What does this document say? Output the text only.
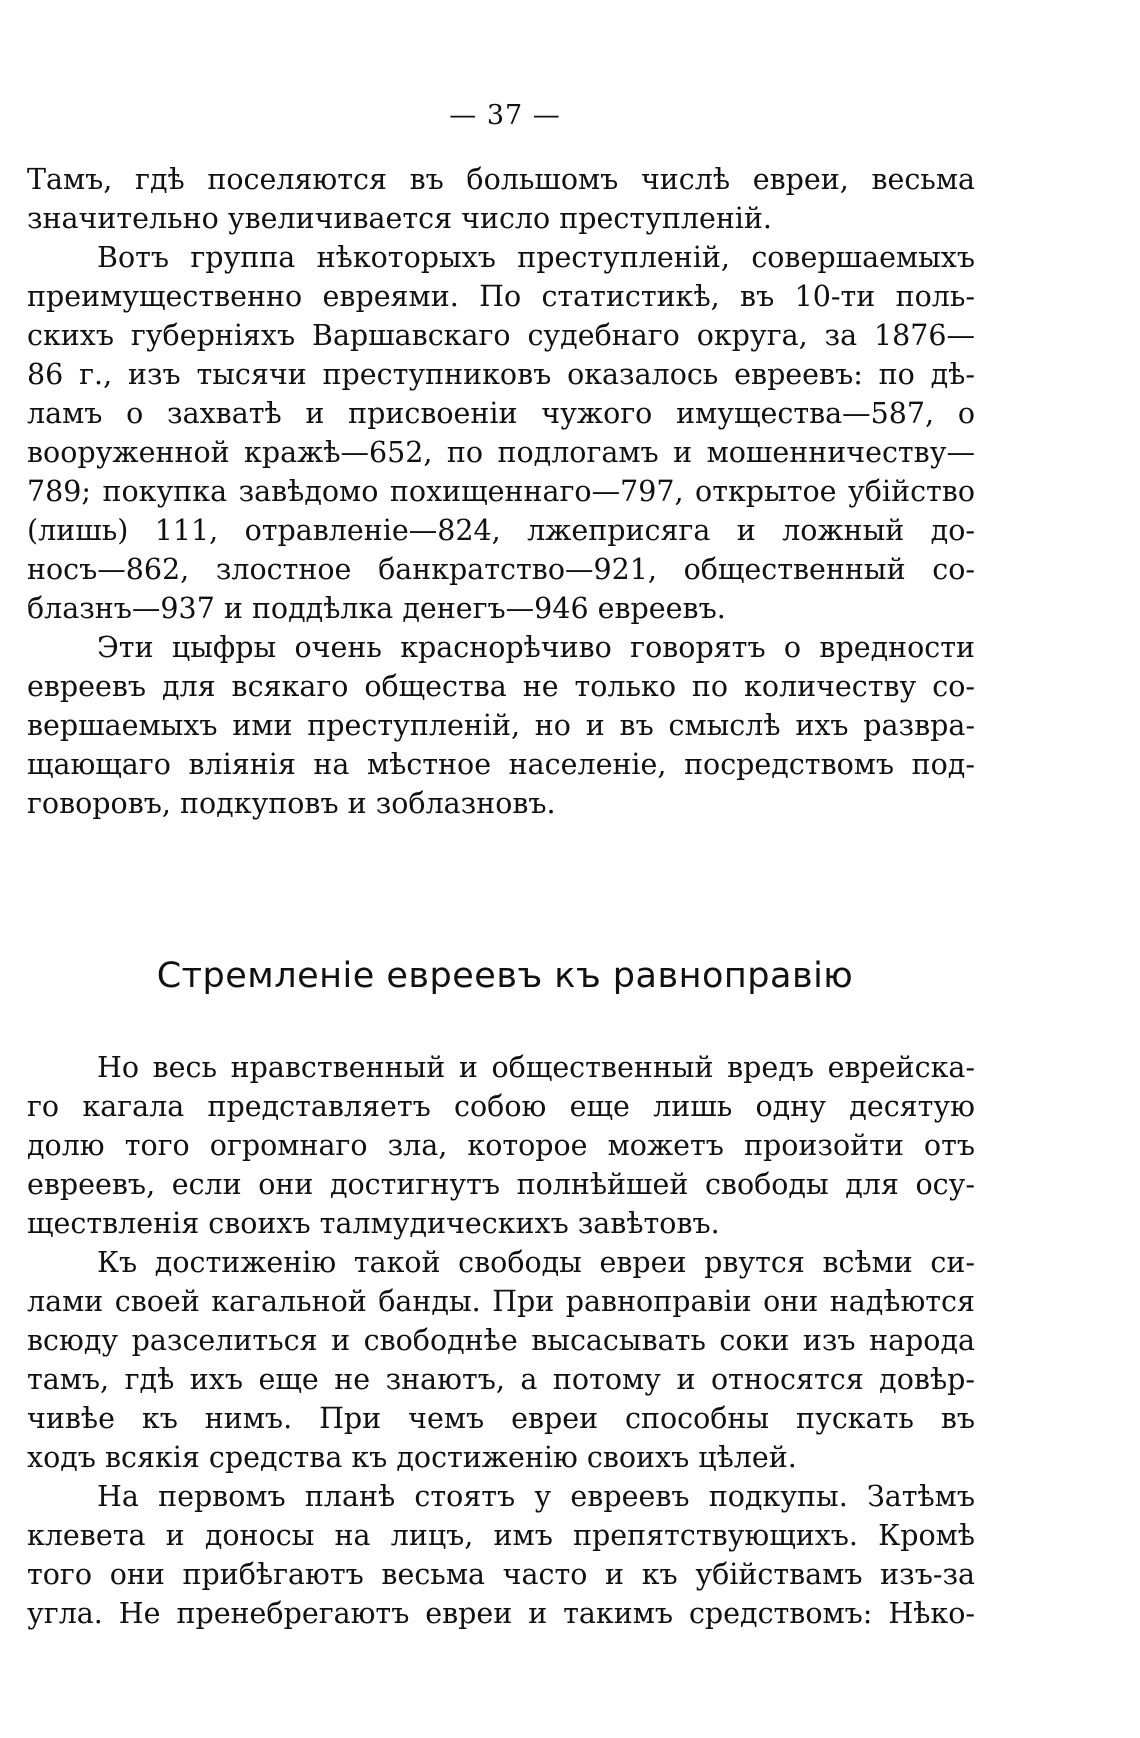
— 37 —
Тамъ, гдѣ поселяются въ большомъ числѣ евреи, весьма
значительно увеличивается число преступленій.
Вотъ группа нѣкоторыхъ преступленій, совершаемыхъ
преимущественно евреями. По статистикѣ, въ 10-ти поль-
скихъ губерніяхъ Варшавскаго судебнаго округа, за 1876—
86 г., изъ тысячи преступниковъ оказалось евреевъ: по дѣ-
ламъ о захватѣ и присвоеніи чужого имущества—587, о
вооруженной кражѣ—652, по подлогамъ и мошенничеству—
789; покупка завѣдомо похищеннаго—797, открытое убійство
(лишь) 111, отравленіе—824, лжеприсяга и ложный до-
носъ—862, злостное банкратство—921, общественный со-
блазнъ—937 и поддѣлка денегъ—946 евреевъ.
Эти цыфры очень краснорѣчиво говорятъ о вредности
евреевъ для всякаго общества не только по количеству со-
вершаемыхъ ими преступленій, но и въ смыслѣ ихъ развра-
щающаго вліянія на мѣстное населеніе, посредствомъ под-
говоровъ, подкуповъ и зоблазновъ.
Стремленіе евреевъ къ равноправію
Но весь нравственный и общественный вредъ еврейска-
го кагала представляетъ собою еще лишь одну десятую
долю того огромнаго зла, которое можетъ произойти отъ
евреевъ, если они достигнутъ полнѣйшей свободы для осу-
ществленія своихъ талмудическихъ завѣтовъ.
Къ достиженію такой свободы евреи рвутся всѣми си-
лами своей кагальной банды. При равноправіи они надѣются
всюду разселиться и свободнѣе высасывать соки изъ народа
тамъ, гдѣ ихъ еще не знаютъ, а потому и относятся довѣр-
чивѣе къ нимъ. При чемъ евреи способны пускать въ
ходъ всякія средства къ достиженію своихъ цѣлей.
На первомъ планѣ стоятъ у евреевъ подкупы. Затѣмъ
клевета и доносы на лицъ, имъ препятствующихъ. Кромѣ
того они прибѣгаютъ весьма часто и къ убійствамъ изъ-за
угла. Не пренебрегаютъ евреи и такимъ средствомъ: Нѣко-
